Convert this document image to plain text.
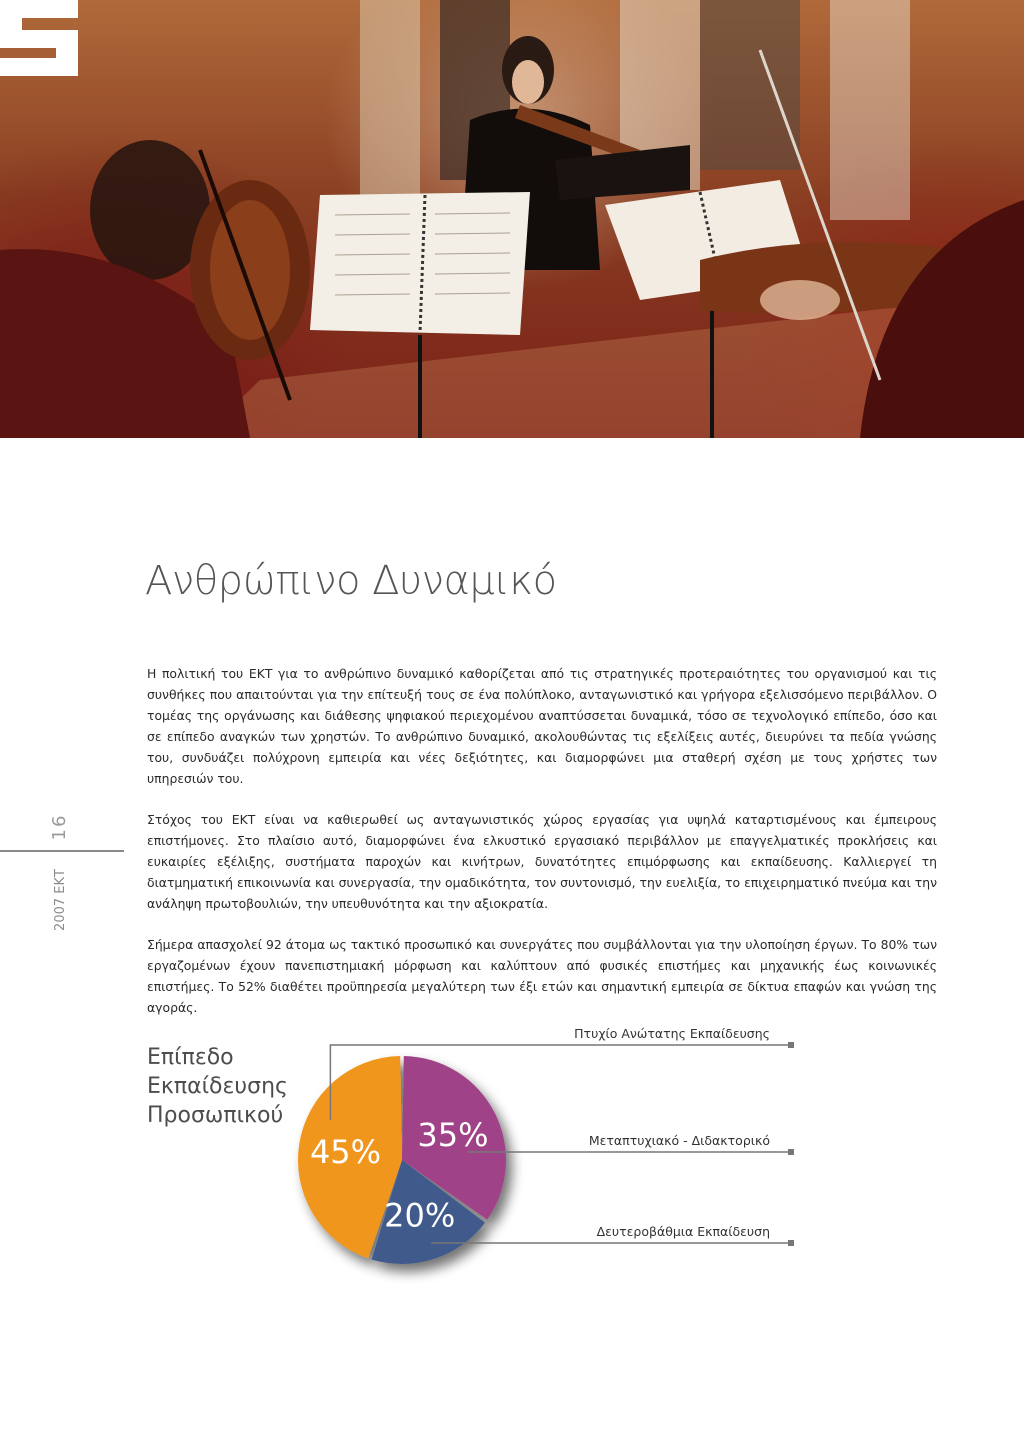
16
2007 ΕΚΤ
Ανθρώπινο Δυναμικό

Η πολιτική του ΕΚΤ για το ανθρώπινο δυναμικό καθορίζεται από τις στρατηγικές προτεραιότητες του οργανισμού και τις συνθήκες που απαιτούνται για την επίτευξή τους σε ένα πολύπλοκο, ανταγωνιστικό και γρήγορα εξελισσόμενο περιβάλλον. Ο τομέας της οργάνωσης και διάθεσης ψηφιακού περιεχομένου αναπτύσσεται δυναμικά, τόσο σε τεχνολογικό επίπεδο, όσο και σε επίπεδο αναγκών των χρηστών. Το ανθρώπινο δυναμικό, ακολουθώντας τις εξελίξεις αυτές, διευρύνει τα πεδία γνώσης του, συνδυάζει πολύχρονη εμπειρία και νέες δεξιότητες, και διαμορφώνει μια σταθερή σχέση με τους χρήστες των υπηρεσιών του.

Στόχος του ΕΚΤ είναι να καθιερωθεί ως ανταγωνιστικός χώρος εργασίας για υψηλά καταρτισμένους και έμπειρους επιστήμονες. Στο πλαίσιο αυτό, διαμορφώνει ένα ελκυστικό εργασιακό περιβάλλον με επαγγελματικές προκλήσεις και ευκαιρίες εξέλιξης, συστήματα παροχών και κινήτρων, δυνατότητες επιμόρφωσης και εκπαίδευσης. Καλλιεργεί τη διατμηματική επικοινωνία και συνεργασία, την ομαδικότητα, τον συντονισμό, την ευελιξία, το επιχειρηματικό πνεύμα και την ανάληψη πρωτοβουλιών, την υπευθυνότητα και την αξιοκρατία.

Σήμερα απασχολεί 92 άτομα ως τακτικό προσωπικό και συνεργάτες που συμβάλλονται για την υλοποίηση έργων. Το 80% των εργαζομένων έχουν πανεπιστημιακή μόρφωση και καλύπτουν από φυσικές επιστήμες και μηχανικής έως κοινωνικές επιστήμες. Το 52% διαθέτει προϋπηρεσία μεγαλύτερη των έξι ετών και σημαντική εμπειρία σε δίκτυα επαφών και γνώση της αγοράς.

Επίπεδο
Εκπαίδευσης
Προσωπικού
45% 35%
20%
Πτυχίο Ανώτατης Εκπαίδευσης
Μεταπτυχιακό - Διδακτορικό
Δευτεροβάθμια Εκπαίδευση
